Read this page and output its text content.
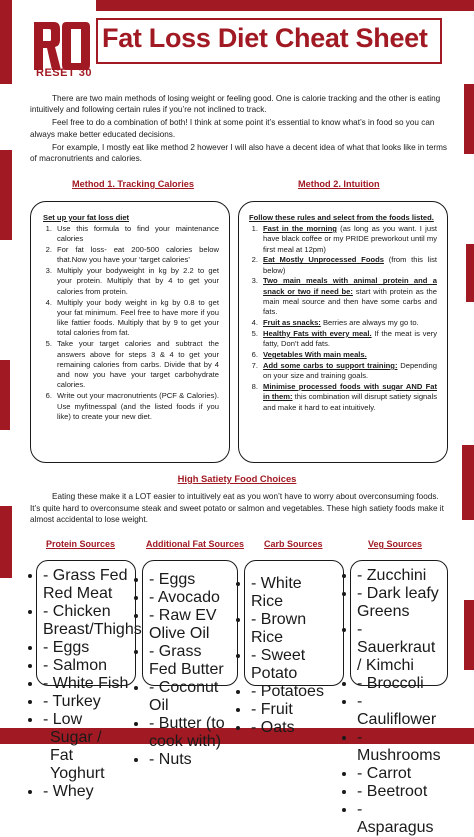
RESET 30
Fat Loss Diet Cheat Sheet

There are two main methods of losing weight or feeling good. One is calorie tracking and the other is eating intuitively and following certain rules if you’re not inclined to track.

Feel free to do a combination of both! I think at some point it’s essential to know what’s in food so you can always make better educated decisions.

For example, I mostly eat like method 2 however I will also have a decent idea of what that looks like in terms of macronutrients and calories.

Method 1. Tracking Calories	Method 2. Intuition
Set up your fat loss diet
1. Use this formula to find your maintenance calories
2. For fat loss- eat 200-500 calories below that.Now you have your ‘target calories’
3. Multiply your bodyweight in kg by 2.2 to get your protein. Multiply that by 4 to get your calories from protein.
4. Multiply your body weight in kg by 0.8 to get your fat minimum. Feel free to have more if you like fattier foods. Multiply that by 9 to get your total calories from fat.
5. Take your target calories and subtract the answers above for steps 3 & 4 to get your remaining calories from carbs. Divide that by 4 and now you have your target carbohydrate calories.
6. Write out your macronutrients (PCF & Calories). Use myfitnesspal (and the listed foods if you like) to create your new diet.
Follow these rules and select from the foods listed.
1. Fast in the morning (as long as you want. I just have black coffee or my PRIDE preworkout until my first meal at 12pm)
2. Eat Mostly Unprocessed Foods (from this list below)
3. Two main meals with animal protein and a snack or two if need be: start with protein as the main meal source and then have some carbs and fats.
4. Fruit as snacks: Berries are always my go to.
5. Healthy Fats with every meal. If the meat is very fatty, Don’t add fats.
6. Vegetables With main meals.
7. Add some carbs to support training: Depending on your size and training goals.
8. Minimise processed foods with sugar AND Fat in them: this combination will disrupt satiety signals and make it hard to eat intuitively.
High Satiety Food Choices

Eating these make it a LOT easier to intuitively eat as you won’t have to worry about overconsuming foods. It’s quite hard to overconsume steak and sweet potato or salmon and vegetables. These high satiety foods make it almost accidental to lose weight.

Protein Sources	Additional Fat Sources Carb Sources	Veg Sources
• - Grass Fed Red Meat
• - Chicken Breast/Thighs
• - Eggs
• - Salmon
• - White Fish
• - Turkey
• - Low Sugar / Fat Yoghurt
• - Whey
• - Eggs
• - Avocado
• - Raw EV Olive Oil
• - Grass Fed Butter
• - Coconut Oil
• - Butter (to cook with)
• - Nuts
• - White Rice
• - Brown Rice
• - Sweet Potato
• - Potatoes
• - Fruit
• - Oats
• - Zucchini
• - Dark leafy Greens
• - Sauerkraut / Kimchi
• - Broccoli
• - Cauliflower
• - Mushrooms
• - Carrot
• - Beetroot
• - Asparagus
